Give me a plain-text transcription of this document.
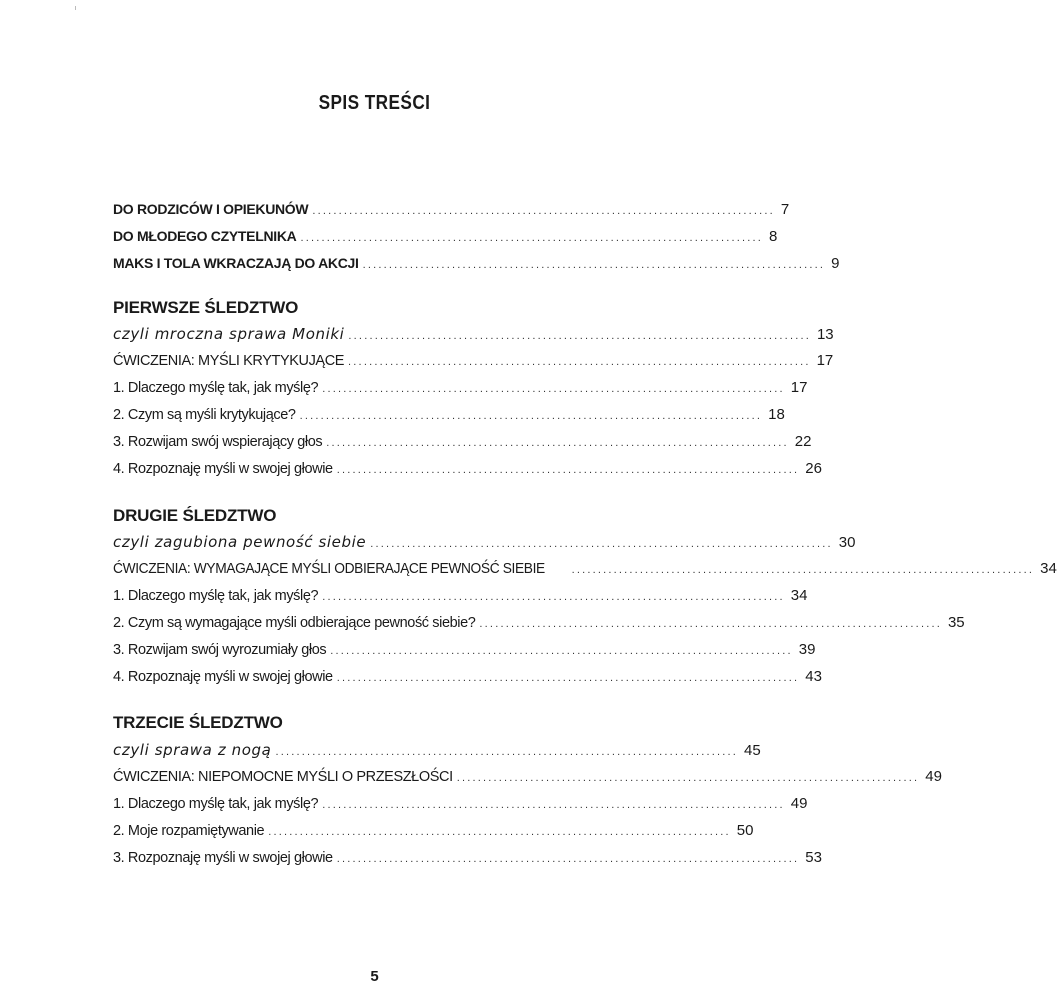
SPIS TREŚCI
DO RODZICÓW I OPIEKUNÓW ........................................................................................ 7
DO MŁODEGO CZYTELNIKA ........................................................................................ 8
MAKS I TOLA WKRACZAJĄ DO AKCJI ........................................................................................ 9
PIERWSZE ŚLEDZTWO
czyli mroczna sprawa Moniki ........................................................................................ 13
ĆWICZENIA: MYŚLI KRYTYKUJĄCE ........................................................................................ 17
1. Dlaczego myślę tak, jak myślę? ........................................................................................ 17
2. Czym są myśli krytykujące? ........................................................................................ 18
3. Rozwijam swój wspierający głos ........................................................................................ 22
4. Rozpoznaję myśli w swojej głowie ........................................................................................ 26
DRUGIE ŚLEDZTWO
czyli zagubiona pewność siebie ........................................................................................ 30
ĆWICZENIA: WYMAGAJĄCE MYŚLI ODBIERAJĄCE PEWNOŚĆ SIEBIE ........................................................................................ 34
1. Dlaczego myślę tak, jak myślę? ........................................................................................ 34
2. Czym są wymagające myśli odbierające pewność siebie? ........................................................................................ 35
3. Rozwijam swój wyrozumiały głos ........................................................................................ 39
4. Rozpoznaję myśli w swojej głowie ........................................................................................ 43
TRZECIE ŚLEDZTWO
czyli sprawa z nogą ........................................................................................ 45
ĆWICZENIA: NIEPOMOCNE MYŚLI O PRZESZŁOŚCI ........................................................................................ 49
1. Dlaczego myślę tak, jak myślę? ........................................................................................ 49
2. Moje rozpamiętywanie ........................................................................................ 50
3. Rozpoznaję myśli w swojej głowie ........................................................................................ 53
5
